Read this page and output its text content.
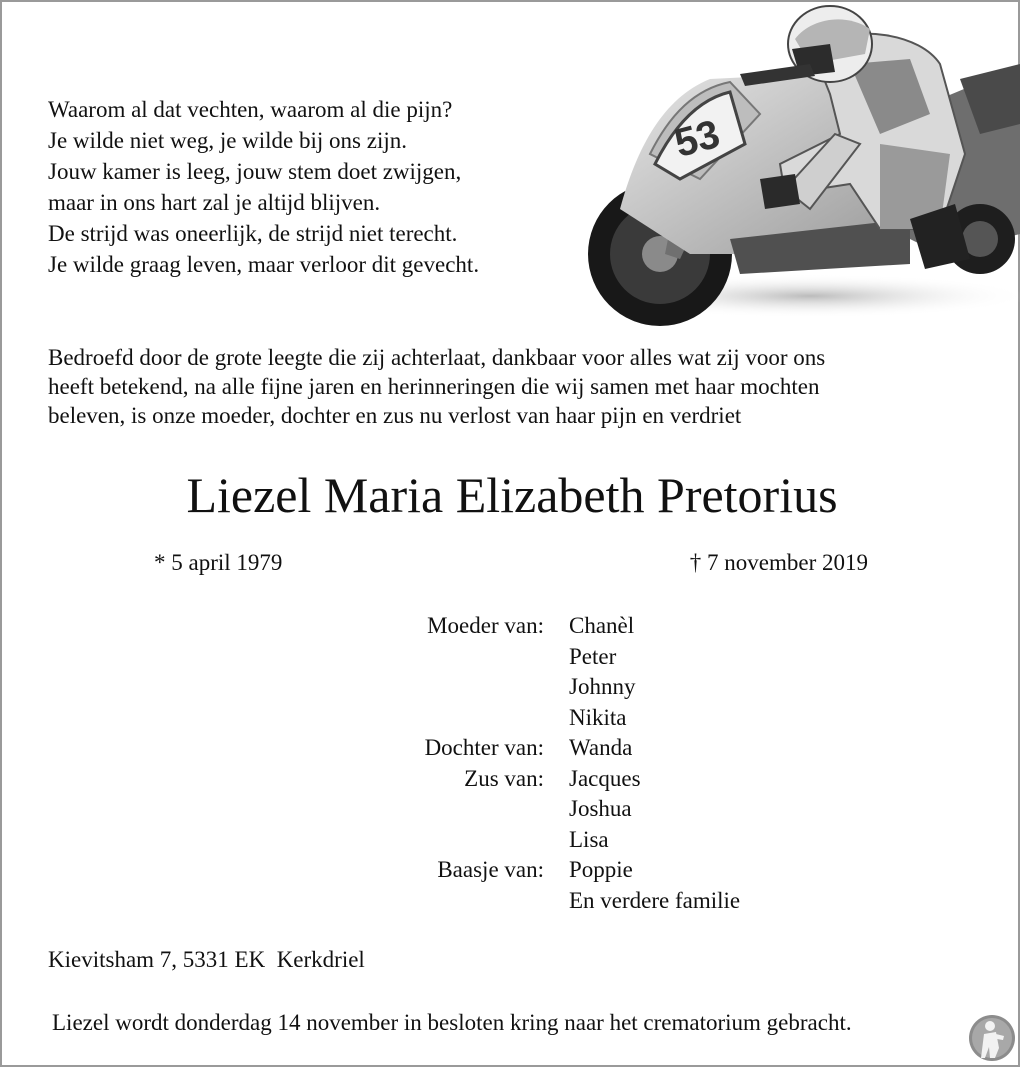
Waarom al dat vechten, waarom al die pijn?
Je wilde niet weg, je wilde bij ons zijn.
Jouw kamer is leeg, jouw stem doet zwijgen,
maar in ons hart zal je altijd blijven.
De strijd was oneerlijk, de strijd niet terecht.
Je wilde graag leven, maar verloor dit gevecht.
53
Bedroefd door de grote leegte die zij achterlaat, dankbaar voor alles wat zij voor ons
heeft betekend, na alle fijne jaren en herinneringen die wij samen met haar mochten
beleven, is onze moeder, dochter en zus nu verlost van haar pijn en verdriet
Liezel Maria Elizabeth Pretorius
* 5 april 1979	† 7 november 2019
Moeder van: Chanèl
Peter
Johnny
Nikita
Dochter van: Wanda
Zus van: Jacques
Joshua
Lisa
Baasje van: Poppie
En verdere familie
Kievitsham 7, 5331 EK  Kerkdriel
Liezel wordt donderdag 14 november in besloten kring naar het crematorium gebracht.
